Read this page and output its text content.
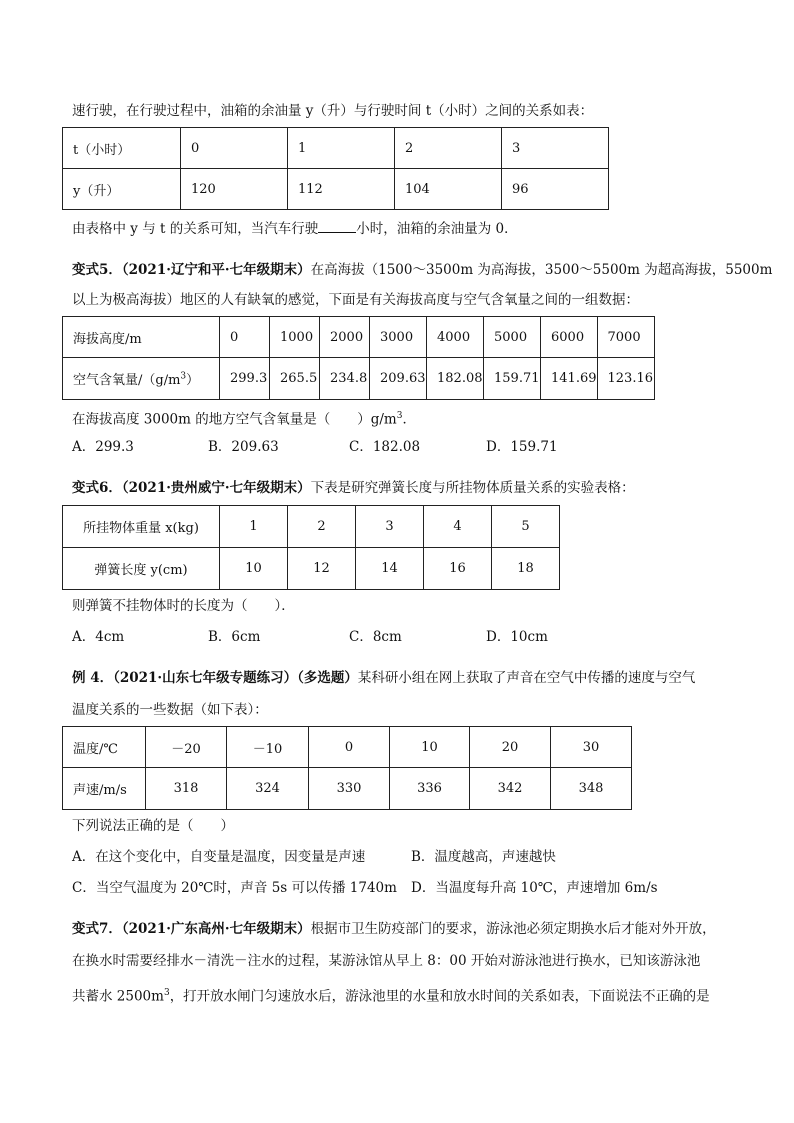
速行驶，在行驶过程中，油箱的余油量 y（升）与行驶时间 t（小时）之间的关系如表：
t（小时）	0	1	2	3
y（升）	120	112	104	96
由表格中 y 与 t 的关系可知，当汽车行驶	小时，油箱的余油量为 0．
变式5．（2021·辽宁和平·七年级期末）在高海拔（1500～3500m 为高海拔，3500～5500m 为超高海拔，5500m
以上为极高海拔）地区的人有缺氧的感觉，下面是有关海拔高度与空气含氧量之间的一组数据：
海拔高度/m	0	1000	2000	3000	4000	5000	6000	7000
空气含氧量$/(g/m^3)$	299.3	265.5	234.8	209.63	182.08	159.71	141.69	123.16
在海拔高度 3000m 的地方空气含氧量是（　　）$g/m^3$．
A．299.3	B．209.63	C．182.08	D．159.71
变式6．（2021·贵州威宁·七年级期末）下表是研究弹簧长度与所挂物体质量关系的实验表格：
所挂物体重量 x(kg)	1	2	3	4	5
弹簧长度 y(cm)	10	12	14	16	18
则弹簧不挂物体时的长度为（　　）．
A．4cm	B．6cm	C．8cm	D．10cm
例 4．（2021·山东七年级专题练习）（多选题）某科研小组在网上获取了声音在空气中传播的速度与空气
温度关系的一些数据（如下表）：
温度/℃	－20	－10	0	10	20	30
声速/m/s	318	324	330	336	342	348
下列说法正确的是（　　）
A．在这个变化中，自变量是温度，因变量是声速	B．温度越高，声速越快
C．当空气温度为 20℃时，声音 5s 可以传播 1740m D．当温度每升高 10℃，声速增加 6m/s
变式7．（2021·广东高州·七年级期末）根据市卫生防疫部门的要求，游泳池必须定期换水后才能对外开放，
在换水时需要经排水－清洗－注水的过程，某游泳馆从早上 8：00 开始对游泳池进行换水，已知该游泳池
共蓄水 $2500m^3$，打开放水闸门匀速放水后，游泳池里的水量和放水时间的关系如表，下面说法不正确的是
